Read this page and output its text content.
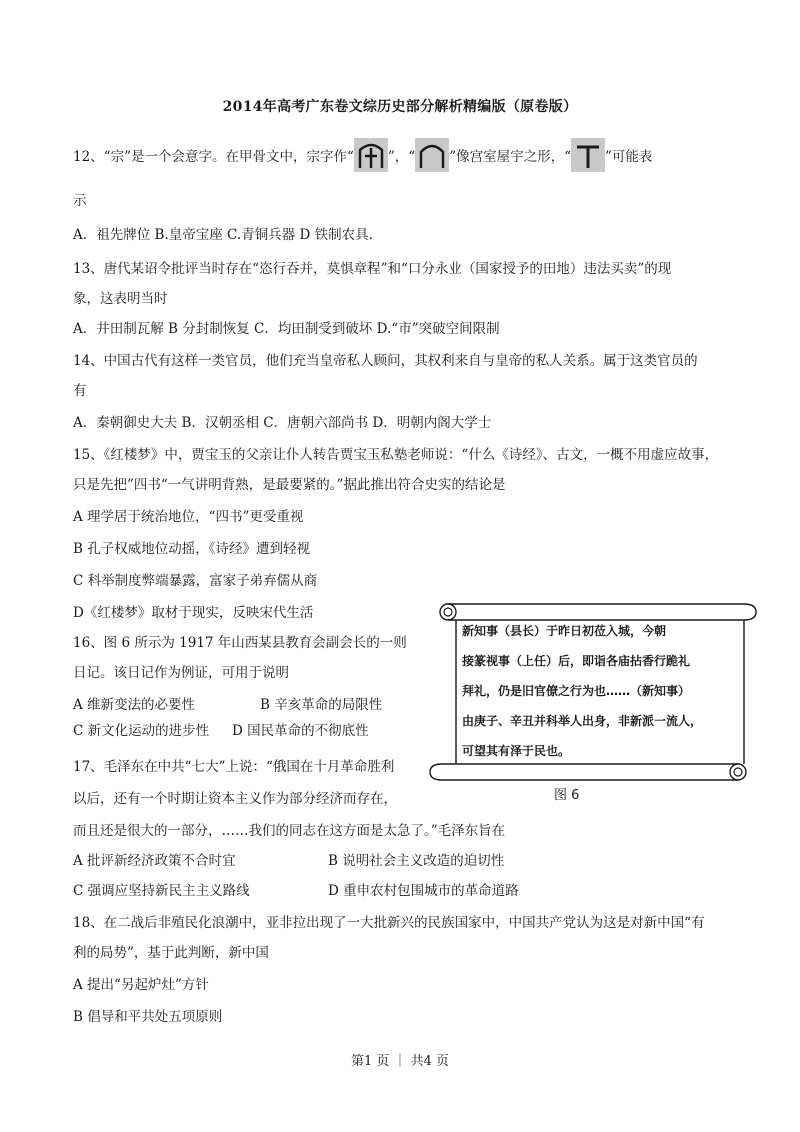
2014年高考广东卷文综历史部分解析精编版（原卷版）
12、“宗”是一个会意字。在甲骨文中，宗字作“	”，“	”像宫室屋宇之形，“	”可能表
示
A．祖先牌位 B.皇帝宝座 C.青铜兵器 D 铁制农具.
13、唐代某诏令批评当时存在“恣行吞并，莫惧章程”和“口分永业（国家授予的田地）违法买卖”的现
象，这表明当时
A．井田制瓦解 B 分封制恢复 C．均田制受到破坏 D.“市”突破空间限制
14、中国古代有这样一类官员，他们充当皇帝私人顾问，其权利来自与皇帝的私人关系。属于这类官员的
有
A．秦朝御史大夫 B．汉朝丞相 C．唐朝六部尚书 D．明朝内阁大学士
15、《红楼梦》中，贾宝玉的父亲让仆人转告贾宝玉私塾老师说：“什么《诗经》、古文，一概不用虚应故事，
只是先把”四书“一气讲明背熟，是最要紧的。”据此推出符合史实的结论是
A 理学居于统治地位，“四书”更受重视
B 孔子权威地位动摇，《诗经》遭到轻视
C 科举制度弊端暴露，富家子弟弃儒从商
D《红楼梦》取材于现实，反映宋代生活
16、图 6 所示为 1917 年山西某县教育会副会长的一则
日记。该日记作为例证，可用于说明
A 维新变法的必要性	B 辛亥革命的局限性
C 新文化运动的进步性 D 国民革命的不彻底性
新知事（县长）于昨日初莅入城，今朝
接篆视事（上任）后，即诣各庙拈香行跪礼
拜礼，仍是旧官僚之行为也……（新知事）
由庚子、辛丑并科举人出身，非新派一流人，
可望其有泽于民也。
图 6
17、毛泽东在中共“七大”上说：“俄国在十月革命胜利
以后，还有一个时期让资本主义作为部分经济而存在，
而且还是很大的一部分，……我们的同志在这方面是太急了。”毛泽东旨在
A 批评新经济政策不合时宜	B 说明社会主义改造的迫切性
C 强调应坚持新民主主义路线	D 重申农村包围城市的革命道路
18、在二战后非殖民化浪潮中，亚非拉出现了一大批新兴的民族国家中，中国共产党认为这是对新中国“有
利的局势”，基于此判断，新中国
A 提出“另起炉灶”方针
B 倡导和平共处五项原则
第1 页 ｜ 共4 页
